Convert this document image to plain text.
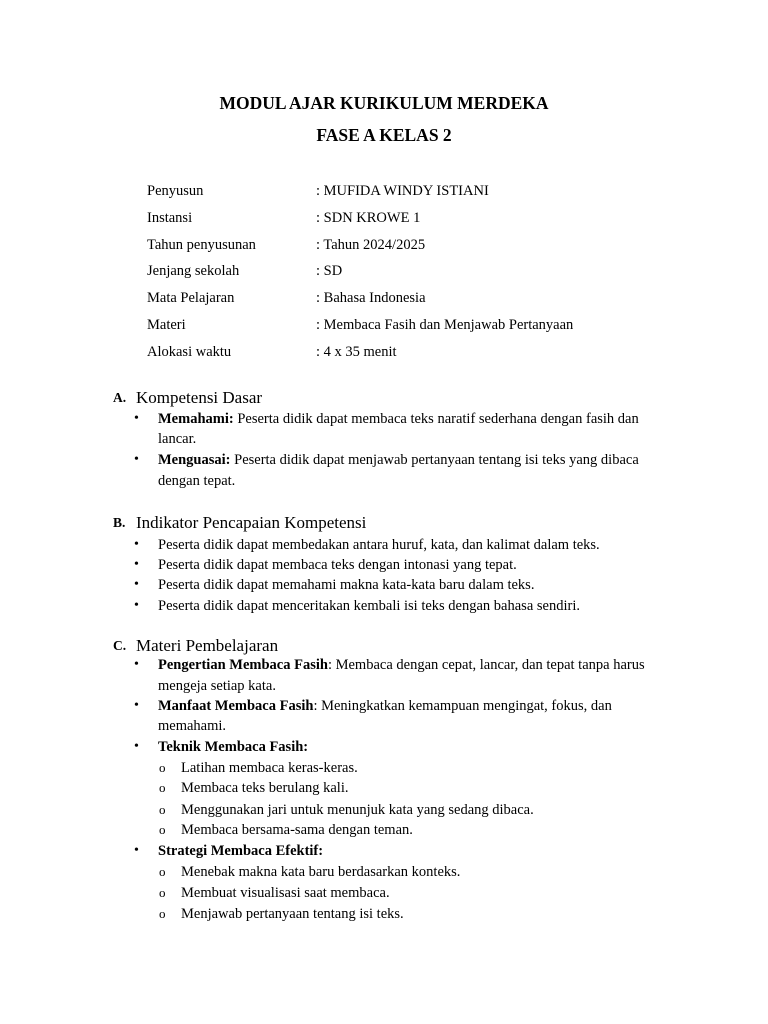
MODUL AJAR KURIKULUM MERDEKA
FASE A KELAS 2
Penyusun	: MUFIDA WINDY ISTIANI
Instansi	: SDN KROWE 1
Tahun penyusunan	: Tahun 2024/2025
Jenjang sekolah	: SD
Mata Pelajaran	: Bahasa Indonesia
Materi	: Membaca Fasih dan Menjawab Pertanyaan
Alokasi waktu	: 4 x 35 menit
A. Kompetensi Dasar
• Memahami: Peserta didik dapat membaca teks naratif sederhana dengan fasih dan
lancar.
• Menguasai: Peserta didik dapat menjawab pertanyaan tentang isi teks yang dibaca
dengan tepat.
B. Indikator Pencapaian Kompetensi
• Peserta didik dapat membedakan antara huruf, kata, dan kalimat dalam teks.
• Peserta didik dapat membaca teks dengan intonasi yang tepat.
• Peserta didik dapat memahami makna kata-kata baru dalam teks.
• Peserta didik dapat menceritakan kembali isi teks dengan bahasa sendiri.
C. Materi Pembelajaran
• Pengertian Membaca Fasih: Membaca dengan cepat, lancar, dan tepat tanpa harus
mengeja setiap kata.
• Manfaat Membaca Fasih: Meningkatkan kemampuan mengingat, fokus, dan
memahami.
• Teknik Membaca Fasih:
o Latihan membaca keras-keras.
o Membaca teks berulang kali.
o Menggunakan jari untuk menunjuk kata yang sedang dibaca.
o Membaca bersama-sama dengan teman.
• Strategi Membaca Efektif:
o Menebak makna kata baru berdasarkan konteks.
o Membuat visualisasi saat membaca.
o Menjawab pertanyaan tentang isi teks.
